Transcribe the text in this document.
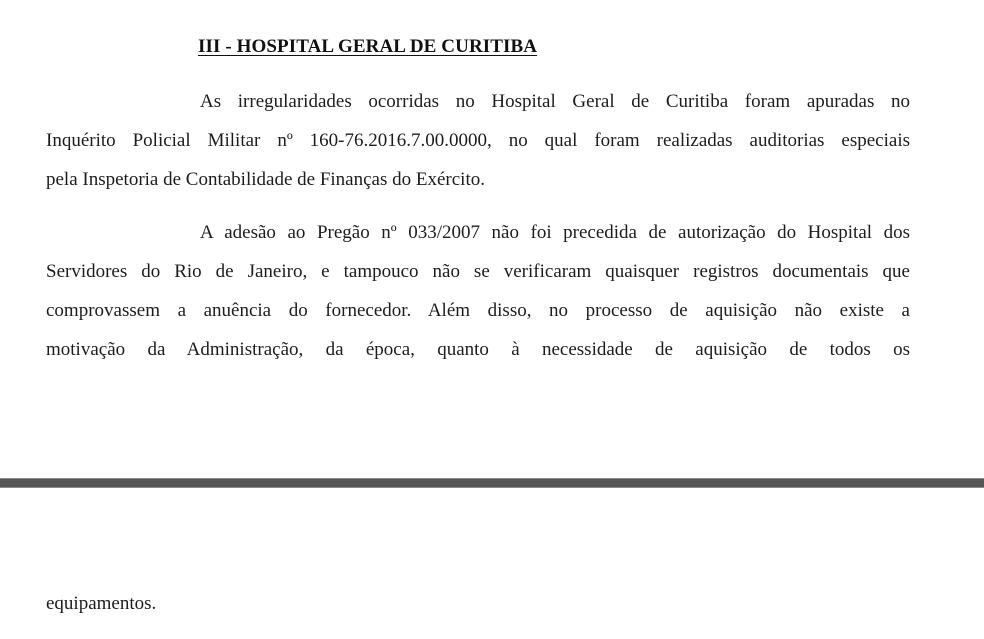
III - HOSPITAL GERAL DE CURITIBA

As irregularidades ocorridas no Hospital Geral de Curitiba foram apuradas no
Inquérito Policial Militar nº 160-76.2016.7.00.0000, no qual foram realizadas auditorias especiais
pela Inspetoria de Contabilidade de Finanças do Exército.

A adesão ao Pregão nº 033/2007 não foi precedida de autorização do Hospital dos
Servidores do Rio de Janeiro, e tampouco não se verificaram quaisquer registros documentais que
comprovassem a anuência do fornecedor. Além disso, no processo de aquisição não existe a
motivação da Administração, da época, quanto à necessidade de aquisição de todos os

equipamentos.
